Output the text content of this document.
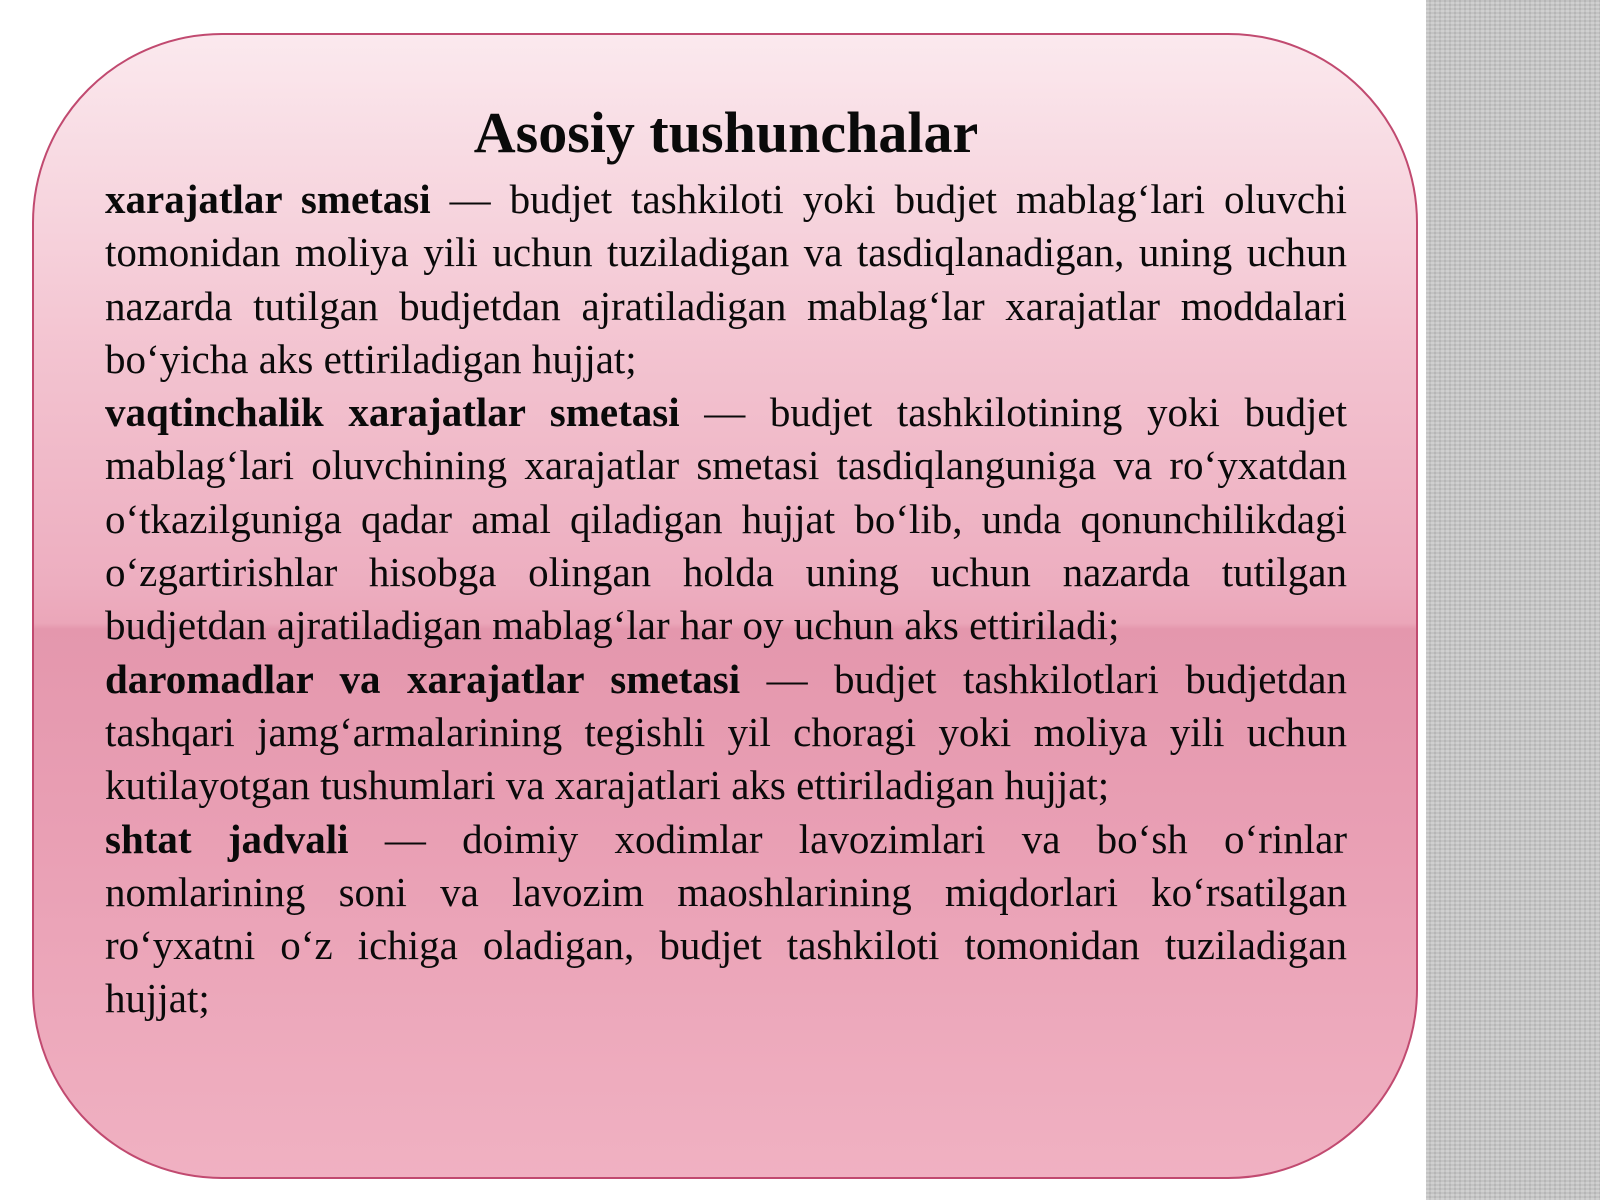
Asosiy tushunchalar

xarajatlar smetasi — budjet tashkiloti yoki budjet mablag‘lari oluvchi tomonidan moliya yili uchun tuziladigan va tasdiqlanadigan, uning uchun nazarda tutilgan budjetdan ajratiladigan mablag‘lar xarajatlar moddalari bo‘yicha aks ettiriladigan hujjat;

vaqtinchalik xarajatlar smetasi — budjet tashkilotining yoki budjet mablag‘lari oluvchining xarajatlar smetasi tasdiqlanguniga va ro‘yxatdan o‘tkazilguniga qadar amal qiladigan hujjat bo‘lib, unda qonunchilikdagi o‘zgartirishlar hisobga olingan holda uning uchun nazarda tutilgan budjetdan ajratiladigan mablag‘lar har oy uchun aks ettiriladi;

daromadlar va xarajatlar smetasi — budjet tashkilotlari budjetdan tashqari jamg‘armalarining tegishli yil choragi yoki moliya yili uchun kutilayotgan tushumlari va xarajatlari aks ettiriladigan hujjat;

shtat jadvali — doimiy xodimlar lavozimlari va bo‘sh o‘rinlar nomlarining soni va lavozim maoshlarining miqdorlari ko‘rsatilgan ro‘yxatni o‘z ichiga oladigan, budjet tashkiloti tomonidan tuziladigan hujjat;
